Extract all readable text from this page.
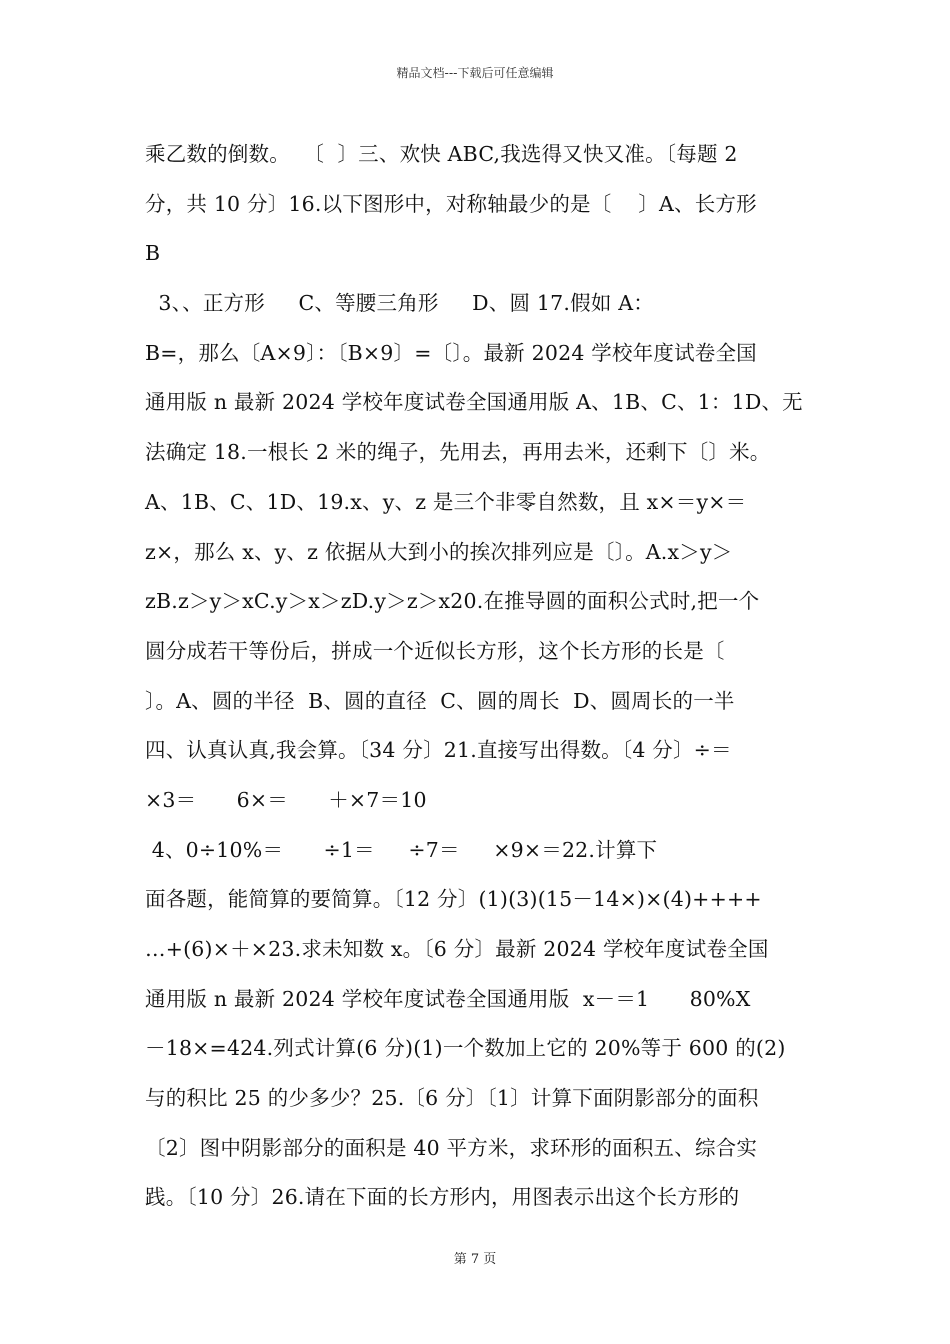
精品文档---下载后可任意编辑
乘乙数的倒数。  〔  〕三、欢快 ABC,我选得又快又准。〔每题 2
分，共 10 分〕16.以下图形中，对称轴最少的是〔    〕A、长方形
B
3、、正方形     C、等腰三角形     D、圆 17.假如 A：
B=，那么〔A×9〕：〔B×9〕=〔〕。最新 2024 学校年度试卷全国
通用版 n 最新 2024 学校年度试卷全国通用版 A、1B、C、1：1D、无
法确定 18.一根长 2 米的绳子，先用去，再用去米，还剩下〔〕米。
A、1B、C、1D、19.x、y、z 是三个非零自然数，且 x×＝y×＝
z×，那么 x、y、z 依据从大到小的挨次排列应是〔〕。A.x＞y＞
zB.z＞y＞xC.y＞x＞zD.y＞z＞x20.在推导圆的面积公式时,把一个
圆分成若干等份后，拼成一个近似长方形，这个长方形的长是〔
〕。A、圆的半径  B、圆的直径  C、圆的周长  D、圆周长的一半
四、认真认真,我会算。〔34 分〕21.直接写出得数。〔4 分〕÷＝
×3＝      6×＝      ＋×7＝10
4、0÷10%＝      ÷1＝     ÷7＝     ×9×＝22.计算下
面各题，能简算的要简算。〔12 分〕(1)(3)(15－14×)×(4)++++
…+(6)×＋×23.求未知数 x。〔6 分〕最新 2024 学校年度试卷全国
通用版 n 最新 2024 学校年度试卷全国通用版  x－＝1      80%X
－18×=424.列式计算(6 分)(1)一个数加上它的 20%等于 600 的(2)
与的积比 25 的少多少？25.〔6 分〕〔1〕计算下面阴影部分的面积
〔2〕图中阴影部分的面积是 40 平方米，求环形的面积五、综合实
践。〔10 分〕26.请在下面的长方形内，用图表示出这个长方形的
第 7 页
